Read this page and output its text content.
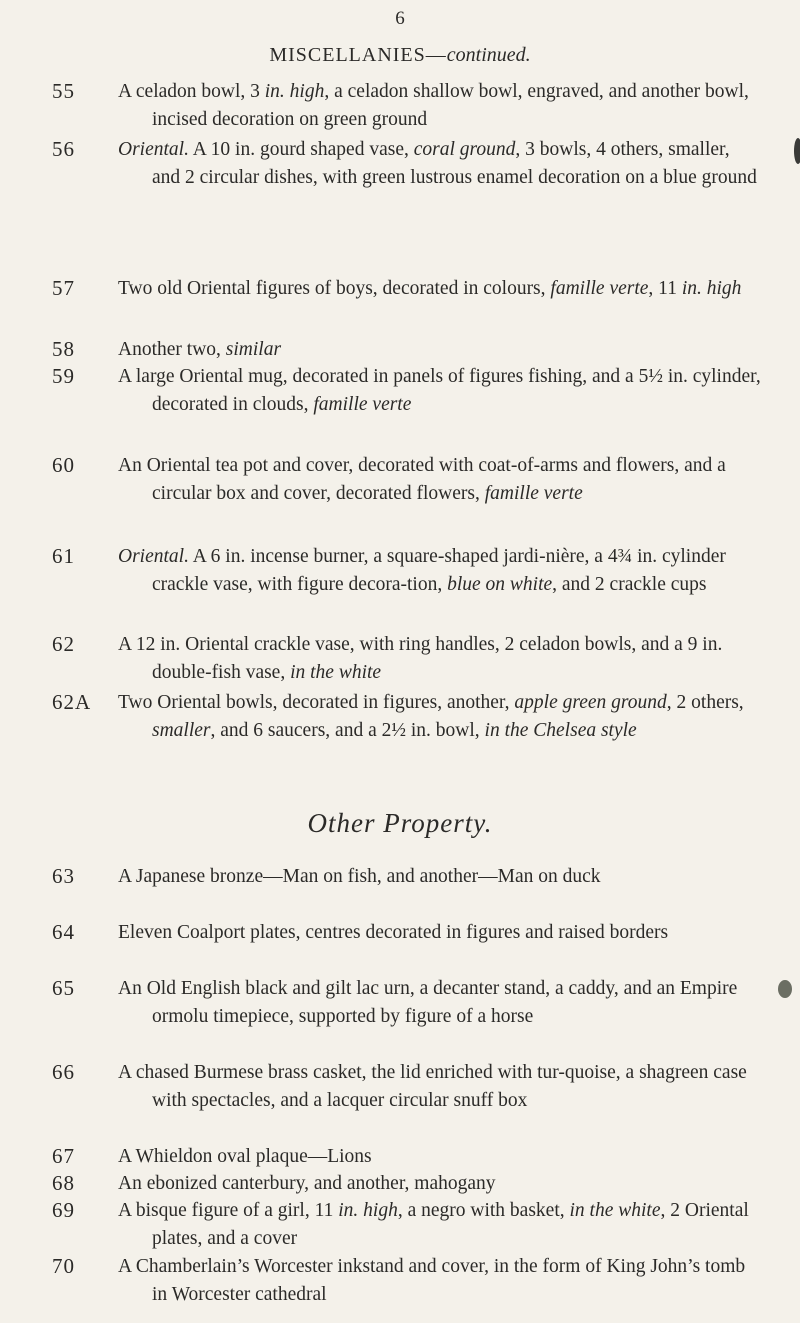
6
MISCELLANIES—continued.
55	A celadon bowl, 3 in. high, a celadon shallow bowl, engraved, and another bowl, incised decoration on green ground
56	Oriental. A 10 in. gourd shaped vase, coral ground, 3 bowls, 4 others, smaller, and 2 circular dishes, with green lustrous enamel decoration on a blue ground
57	Two old Oriental figures of boys, decorated in colours, famille verte, 11 in. high
58	Another two, similar
59	A large Oriental mug, decorated in panels of figures fishing, and a 5½ in. cylinder, decorated in clouds, famille verte
60	An Oriental tea pot and cover, decorated with coat-of-arms and flowers, and a circular box and cover, decorated flowers, famille verte
61	Oriental. A 6 in. incense burner, a square-shaped jardi-nière, a 4¾ in. cylinder crackle vase, with figure decora-tion, blue on white, and 2 crackle cups
62	A 12 in. Oriental crackle vase, with ring handles, 2 celadon bowls, and a 9 in. double-fish vase, in the white
62A	Two Oriental bowls, decorated in figures, another, apple green ground, 2 others, smaller, and 6 saucers, and a 2½ in. bowl, in the Chelsea style
Other Property.
63	A Japanese bronze—Man on fish, and another—Man on duck
64	Eleven Coalport plates, centres decorated in figures and raised borders
65	An Old English black and gilt lac urn, a decanter stand, a caddy, and an Empire ormolu timepiece, supported by figure of a horse
66	A chased Burmese brass casket, the lid enriched with tur-quoise, a shagreen case with spectacles, and a lacquer circular snuff box
67	A Whieldon oval plaque—Lions
68	An ebonized canterbury, and another, mahogany
69	A bisque figure of a girl, 11 in. high, a negro with basket, in the white, 2 Oriental plates, and a cover
70	A Chamberlain’s Worcester inkstand and cover, in the form of King John’s tomb in Worcester cathedral
